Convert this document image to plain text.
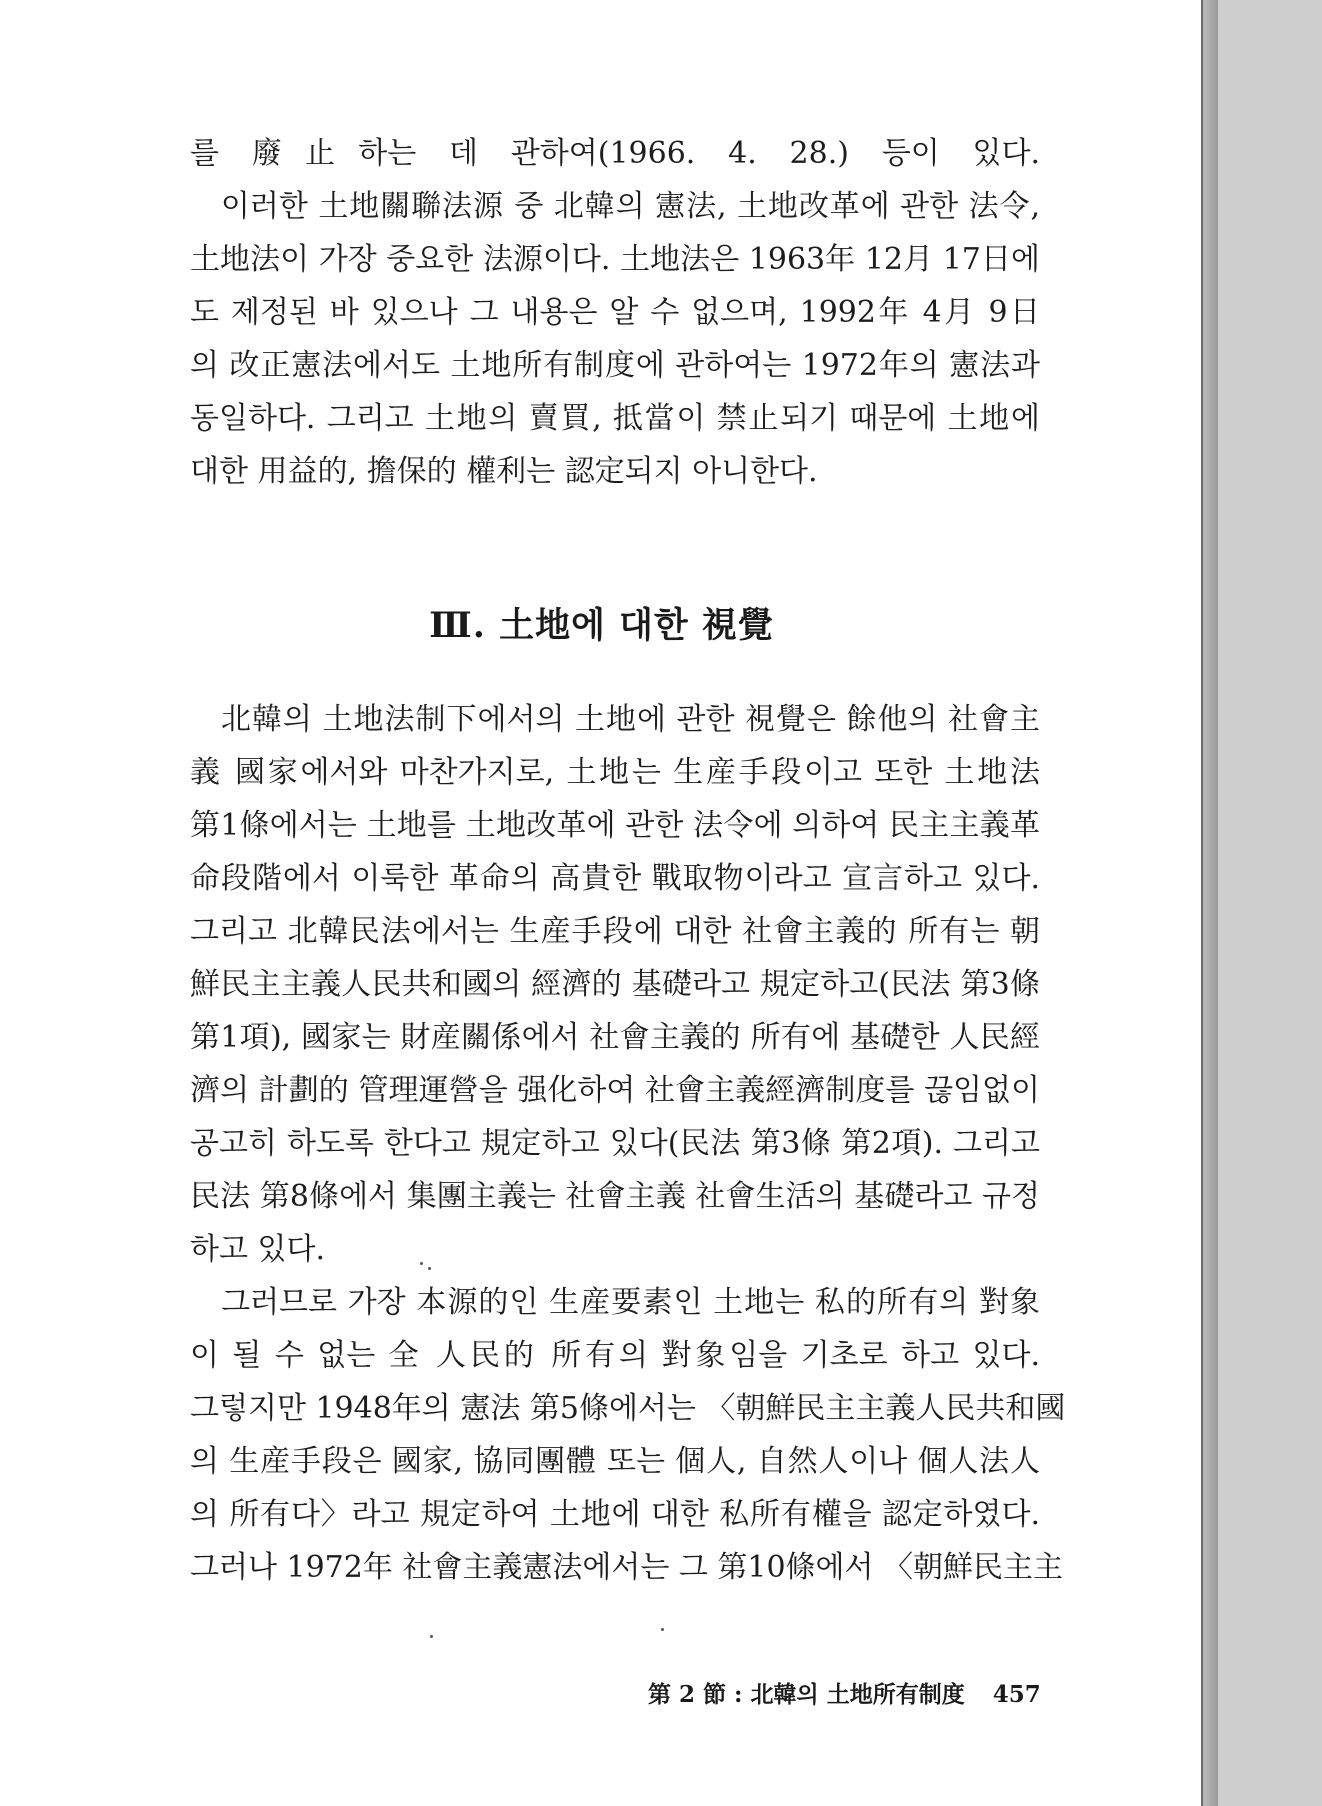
를 廢止하는 데 관하여(1966. 4. 28.) 등이 있다.
　이러한 土地關聯法源 중 北韓의 憲法, 土地改革에 관한 法令,
土地法이 가장 중요한 法源이다. 土地法은 1963年 12月 17日에
도 제정된 바 있으나 그 내용은 알 수 없으며, 1992年 4月 9日
의 改正憲法에서도 土地所有制度에 관하여는 1972年의 憲法과
동일하다. 그리고 土地의 賣買, 抵當이 禁止되기 때문에 土地에
대한 用益的, 擔保的 權利는 認定되지 아니한다.
Ⅲ. 土地에 대한 視覺
　北韓의 土地法制下에서의 土地에 관한 視覺은 餘他의 社會主
義 國家에서와 마찬가지로, 土地는 生産手段이고 또한 土地法
第1條에서는 土地를 土地改革에 관한 法令에 의하여 民主主義革
命段階에서 이룩한 革命의 高貴한 戰取物이라고 宣言하고 있다.
그리고 北韓民法에서는 生産手段에 대한 社會主義的 所有는 朝
鮮民主主義人民共和國의 經濟的 基礎라고 規定하고(民法 第3條
第1項), 國家는 財産關係에서 社會主義的 所有에 基礎한 人民經
濟의 計劃的 管理運營을 强化하여 社會主義經濟制度를 끊임없이
공고히 하도록 한다고 規定하고 있다(民法 第3條 第2項). 그리고
民法 第8條에서 集團主義는 社會主義 社會生活의 基礎라고 규정
하고 있다.
　그러므로 가장 本源的인 生産要素인 土地는 私的所有의 對象
이 될 수 없는 全 人民的 所有의 對象임을 기초로 하고 있다.
그렇지만 1948年의 憲法 第5條에서는 〈朝鮮民主主義人民共和國
의 生産手段은 國家, 協同團體 또는 個人, 自然人이나 個人法人
의 所有다〉라고 規定하여 土地에 대한 私所有權을 認定하였다.
그러나 1972年 社會主義憲法에서는 그 第10條에서 〈朝鮮民主主
第 2 節 : 北韓의 土地所有制度 457
